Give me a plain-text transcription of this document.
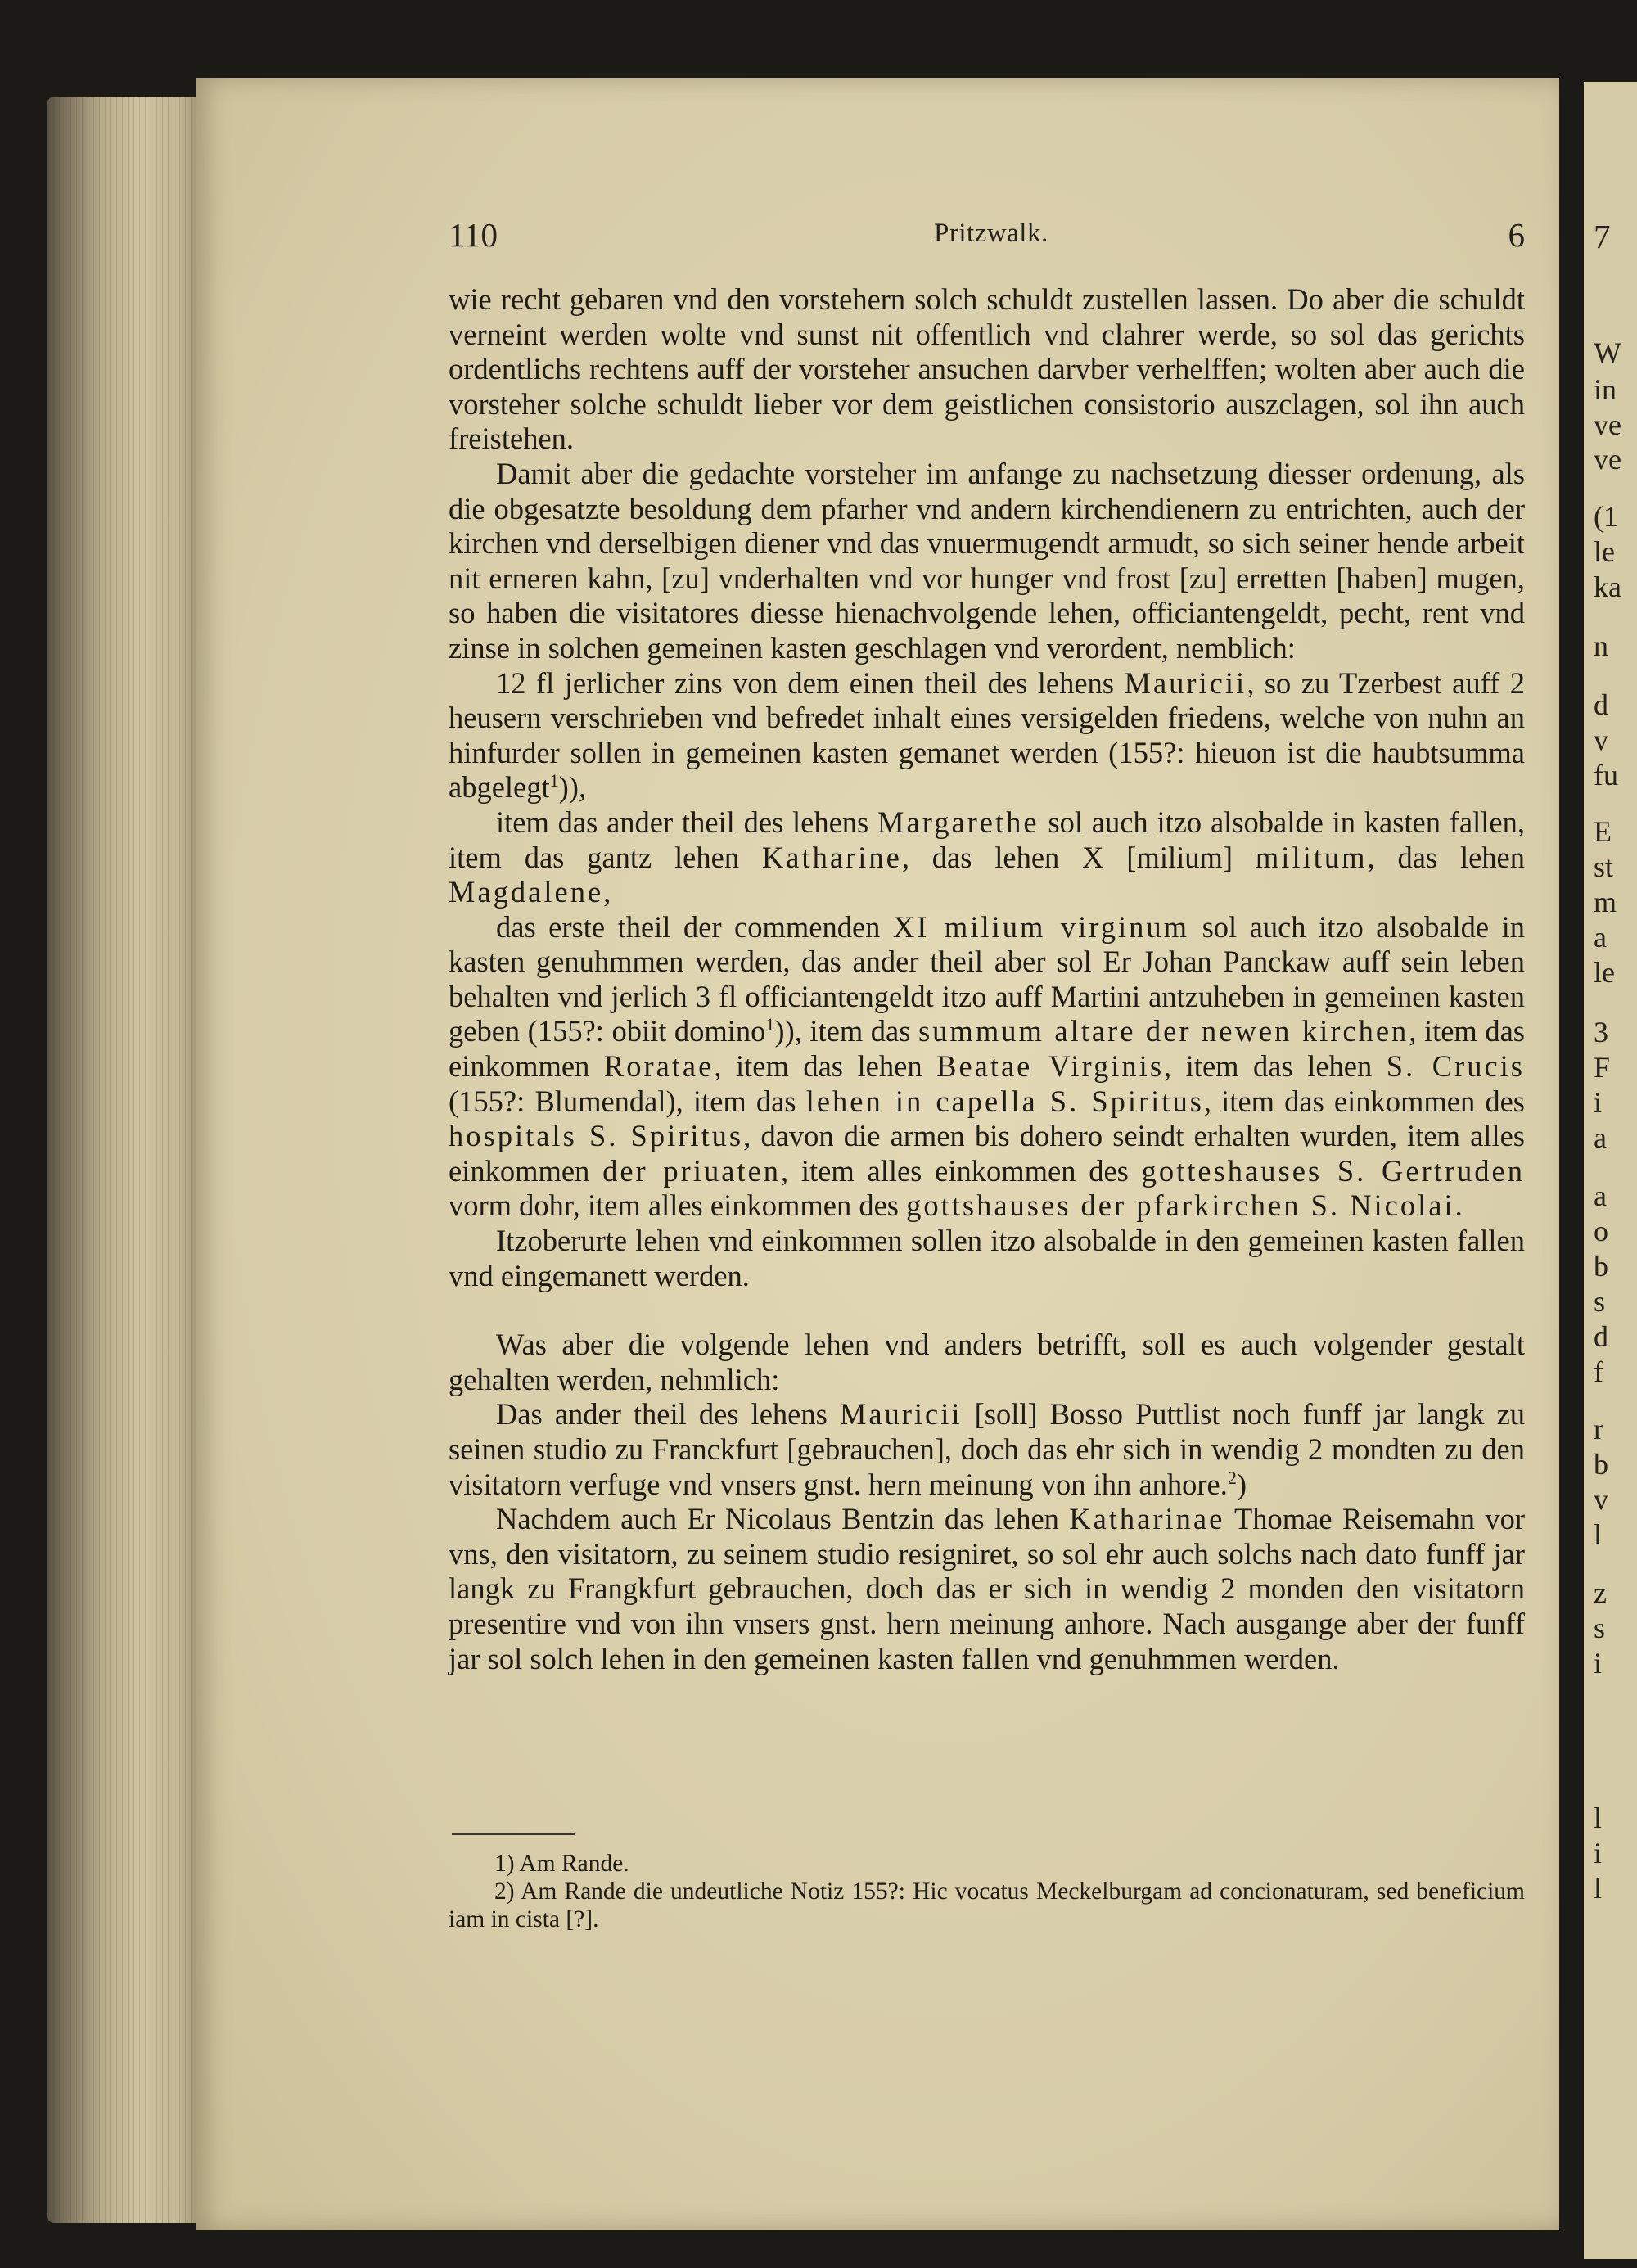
110	Pritzwalk.	6

wie recht gebaren vnd den vorstehern solch schuldt zustellen lassen. Do aber die schuldt verneint werden wolte vnd sunst nit offentlich vnd clahrer werde, so sol das gerichts ordentlichs rechtens auff der vorsteher ansuchen darvber verhelffen; wolten aber auch die vorsteher solche schuldt lieber vor dem geistlichen consistorio auszclagen, sol ihn auch freistehen.

Damit aber die gedachte vorsteher im anfange zu nachsetzung diesser ordenung, als die obgesatzte besoldung dem pfarher vnd andern kirchendienern zu entrichten, auch der kirchen vnd derselbigen diener vnd das vnuermugendt armudt, so sich seiner hende arbeit nit erneren kahn, [zu] vnderhalten vnd vor hunger vnd frost [zu] erretten [haben] mugen, so haben die visitatores diesse hienachvolgende lehen, officiantengeldt, pecht, rent vnd zinse in solchen gemeinen kasten geschlagen vnd verordent, nemblich:

12 fl jerlicher zins von dem einen theil des lehens Mauricii, so zu Tzerbest auff 2 heusern verschrieben vnd befredet inhalt eines versigelden friedens, welche von nuhn an hinfurder sollen in gemeinen kasten gemanet werden (155?: hieuon ist die haubtsumma abgelegt$^1$)),

item das ander theil des lehens Margarethe sol auch itzo alsobalde in kasten fallen, item das gantz lehen Katharine, das lehen X [milium] militum, das lehen Magdalene,

das erste theil der commenden XI milium virginum sol auch itzo alsobalde in kasten genuhmmen werden, das ander theil aber sol Er Johan Panckaw auff sein leben behalten vnd jerlich 3 fl officiantengeldt itzo auff Martini antzuheben in gemeinen kasten geben (155?: obiit domino$^1$)), item das summum altare der newen kirchen, item das einkommen Roratae, item das lehen Beatae Virginis, item das lehen S. Crucis (155?: Blumendal), item das lehen in capella S. Spiritus, item das einkommen des hospitals S. Spiritus, davon die armen bis dohero seindt erhalten wurden, item alles einkommen der priuaten, item alles einkommen des gotteshauses S. Gertruden vorm dohr, item alles einkommen des gottshauses der pfarkirchen S. Nicolai.

Itzoberurte lehen vnd einkommen sollen itzo alsobalde in den gemeinen kasten fallen vnd eingemanett werden.

Was aber die volgende lehen vnd anders betrifft, soll es auch volgender gestalt gehalten werden, nehmlich:

Das ander theil des lehens Mauricii [soll] Bosso Puttlist noch funff jar langk zu seinen studio zu Franckfurt [gebrauchen], doch das ehr sich in wendig 2 mondten zu den visitatorn verfuge vnd vnsers gnst. hern meinung von ihn anhore.$^2$)

Nachdem auch Er Nicolaus Bentzin das lehen Katharinae Thomae Reisemahn vor vns, den visitatorn, zu seinem studio resigniret, so sol ehr auch solchs nach dato funff jar langk zu Frangkfurt gebrauchen, doch das er sich in wendig 2 monden den visitatorn presentire vnd von ihn vnsers gnst. hern meinung anhore. Nach ausgange aber der funff jar sol solch lehen in den gemeinen kasten fallen vnd genuhmmen werden.

1) Am Rande.

2) Am Rande die undeutliche Notiz 155?: Hic vocatus Meckelburgam ad concionaturam, sed beneficium iam in cista [?].

7
W
in
ve
ve
(1
le
ka
n
d
v
fu
E
st
m
a
le
3
F
i
a
a
o
b
s
d
f
r
b
v
l
z
s
i
l
i
l
